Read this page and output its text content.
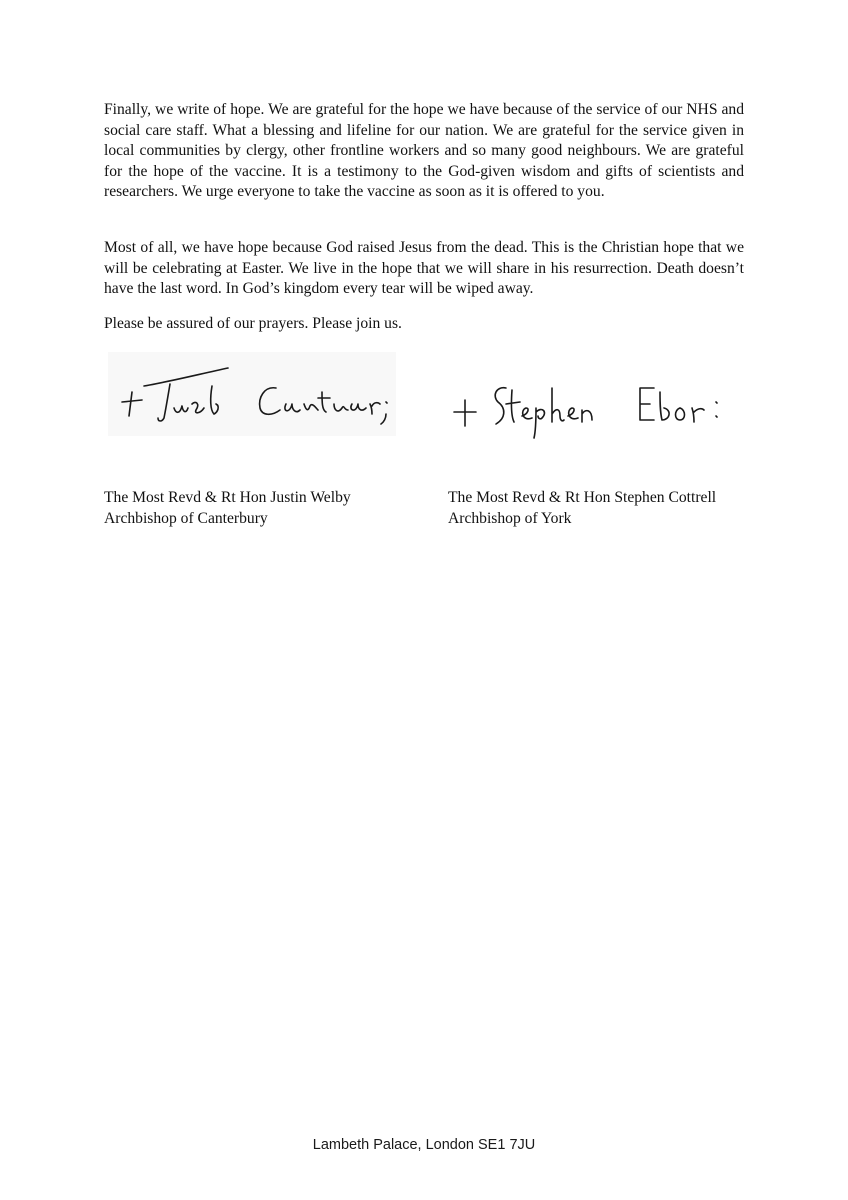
Finally, we write of hope. We are grateful for the hope we have because of the service of our NHS and social care staff. What a blessing and lifeline for our nation. We are grateful for the service given in local communities by clergy, other frontline workers and so many good neighbours. We are grateful for the hope of the vaccine. It is a testimony to the God-given wisdom and gifts of scientists and researchers. We urge everyone to take the vaccine as soon as it is offered to you.

Most of all, we have hope because God raised Jesus from the dead. This is the Christian hope that we will be celebrating at Easter. We live in the hope that we will share in his resurrection. Death doesn’t have the last word. In God’s kingdom every tear will be wiped away.

Please be assured of our prayers. Please join us.

The Most Revd & Rt Hon Justin Welby
Archbishop of Canterbury
The Most Revd & Rt Hon Stephen Cottrell
Archbishop of York
Lambeth Palace, London SE1 7JU
